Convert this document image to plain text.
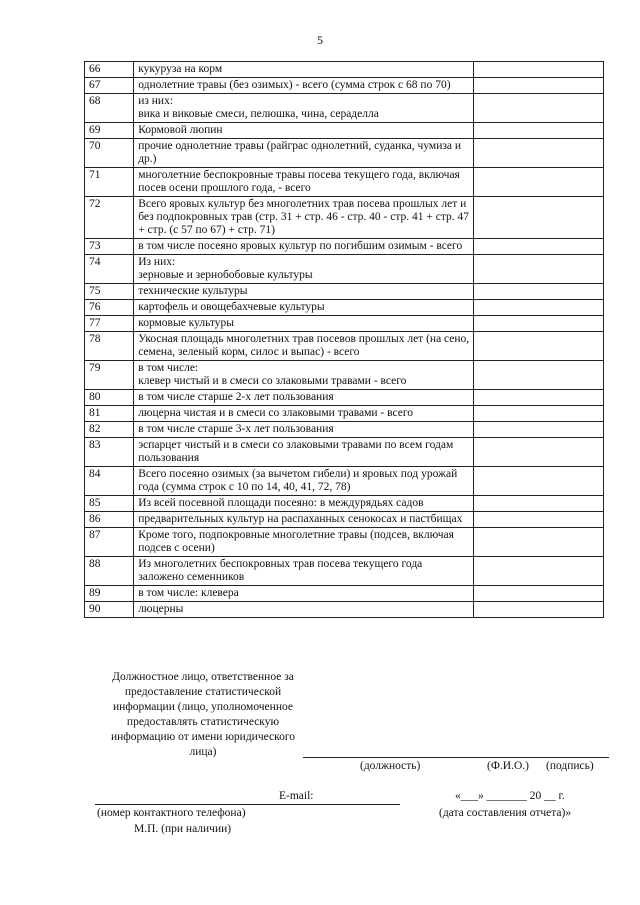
5
66	кукуруза на корм	
67	однолетние травы (без озимых) - всего (сумма строк с 68 по 70)	
68	из них:
вика и виковые смеси, пелюшка, чина, сераделла	
69	Кормовой люпин	
70	прочие однолетние травы (райграс однолетний, суданка, чумиза и др.)	
71	многолетние беспокровные травы посева текущего года, включая посев осени прошлого года, - всего	
72	Всего яровых культур без многолетних трав посева прошлых лет и без подпокровных трав (стр. 31 + стр. 46 - стр. 40 - стр. 41 + стр. 47 + стр. (с 57 по 67) + стр. 71)	
73	в том числе посеяно яровых культур по погибшим озимым - всего	
74	Из них:
зерновые и зернобобовые культуры	
75	технические культуры	
76	картофель и овощебахчевые культуры	
77	кормовые культуры	
78	Укосная площадь многолетних трав посевов прошлых лет (на сено, семена, зеленый корм, силос и выпас) - всего	
79	в том числе:
клевер чистый и в смеси со злаковыми травами - всего	
80	в том числе старше 2-х лет пользования	
81	люцерна чистая и в смеси со злаковыми травами - всего	
82	в том числе старше 3-х лет пользования	
83	эспарцет чистый и в смеси со злаковыми травами по всем годам пользования	
84	Всего посеяно озимых (за вычетом гибели) и яровых под урожай года (сумма строк с 10 по 14, 40, 41, 72, 78)	
85	Из всей посевной площади посеяно: в междурядьях садов	
86	предварительных культур на распаханных сенокосах и пастбищах	
87	Кроме того, подпокровные многолетние травы (подсев, включая подсев с осени)	
88	Из многолетних беспокровных трав посева текущего года заложено семенников	
89	в том числе: клевера	
90	люцерны	
Должностное лицо, ответственное за предоставление статистической информации (лицо, уполномоченное предоставлять статистическую информацию от имени юридического лица)
(должность)	(Ф.И.О.) (подпись)
E-mail:	«___» _______ 20 __ г.
(номер контактного телефона)	(дата составления отчета)»
М.П. (при наличии)
